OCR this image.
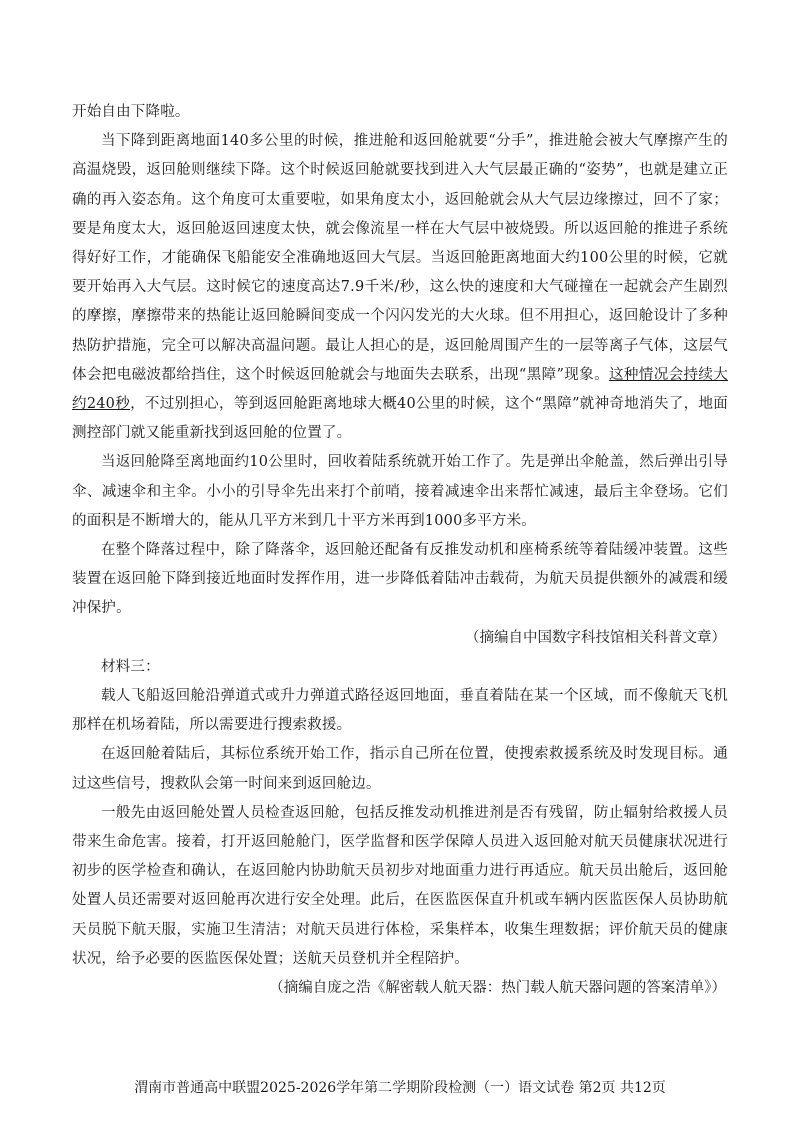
开始自由下降啦。

当下降到距离地面140多公里的时候，推进舱和返回舱就要“分手”，推进舱会被大气摩擦产生的高温烧毁，返回舱则继续下降。这个时候返回舱就要找到进入大气层最正确的“姿势”，也就是建立正确的再入姿态角。这个角度可太重要啦，如果角度太小，返回舱就会从大气层边缘擦过，回不了家；要是角度太大，返回舱返回速度太快，就会像流星一样在大气层中被烧毁。所以返回舱的推进子系统得好好工作，才能确保飞船能安全准确地返回大气层。当返回舱距离地面大约100公里的时候，它就要开始再入大气层。这时候它的速度高达7.9千米/秒，这么快的速度和大气碰撞在一起就会产生剧烈的摩擦，摩擦带来的热能让返回舱瞬间变成一个闪闪发光的大火球。但不用担心，返回舱设计了多种热防护措施，完全可以解决高温问题。最让人担心的是，返回舱周围产生的一层等离子气体，这层气体会把电磁波都给挡住，这个时候返回舱就会与地面失去联系，出现“黑障”现象。这种情况会持续大约240秒，不过别担心，等到返回舱距离地球大概40公里的时候，这个“黑障”就神奇地消失了，地面测控部门就又能重新找到返回舱的位置了。

当返回舱降至离地面约10公里时，回收着陆系统就开始工作了。先是弹出伞舱盖，然后弹出引导伞、减速伞和主伞。小小的引导伞先出来打个前哨，接着减速伞出来帮忙减速，最后主伞登场。它们的面积是不断增大的，能从几平方米到几十平方米再到1000多平方米。

在整个降落过程中，除了降落伞，返回舱还配备有反推发动机和座椅系统等着陆缓冲装置。这些装置在返回舱下降到接近地面时发挥作用，进一步降低着陆冲击载荷，为航天员提供额外的减震和缓冲保护。

（摘编自中国数字科技馆相关科普文章）

材料三：

载人飞船返回舱沿弹道式或升力弹道式路径返回地面，垂直着陆在某一个区域，而不像航天飞机那样在机场着陆，所以需要进行搜索救援。

在返回舱着陆后，其标位系统开始工作，指示自己所在位置，使搜索救援系统及时发现目标。通过这些信号，搜救队会第一时间来到返回舱边。

一般先由返回舱处置人员检查返回舱，包括反推发动机推进剂是否有残留，防止辐射给救援人员带来生命危害。接着，打开返回舱舱门，医学监督和医学保障人员进入返回舱对航天员健康状况进行初步的医学检查和确认，在返回舱内协助航天员初步对地面重力进行再适应。航天员出舱后，返回舱处置人员还需要对返回舱再次进行安全处理。此后，在医监医保直升机或车辆内医监医保人员协助航天员脱下航天服，实施卫生清洁；对航天员进行体检，采集样本，收集生理数据；评价航天员的健康状况，给予必要的医监医保处置；送航天员登机并全程陪护。

（摘编自庞之浩《解密载人航天器：热门载人航天器问题的答案清单》）

渭南市普通高中联盟2025-2026学年第二学期阶段检测（一）语文试卷 第2页 共12页
